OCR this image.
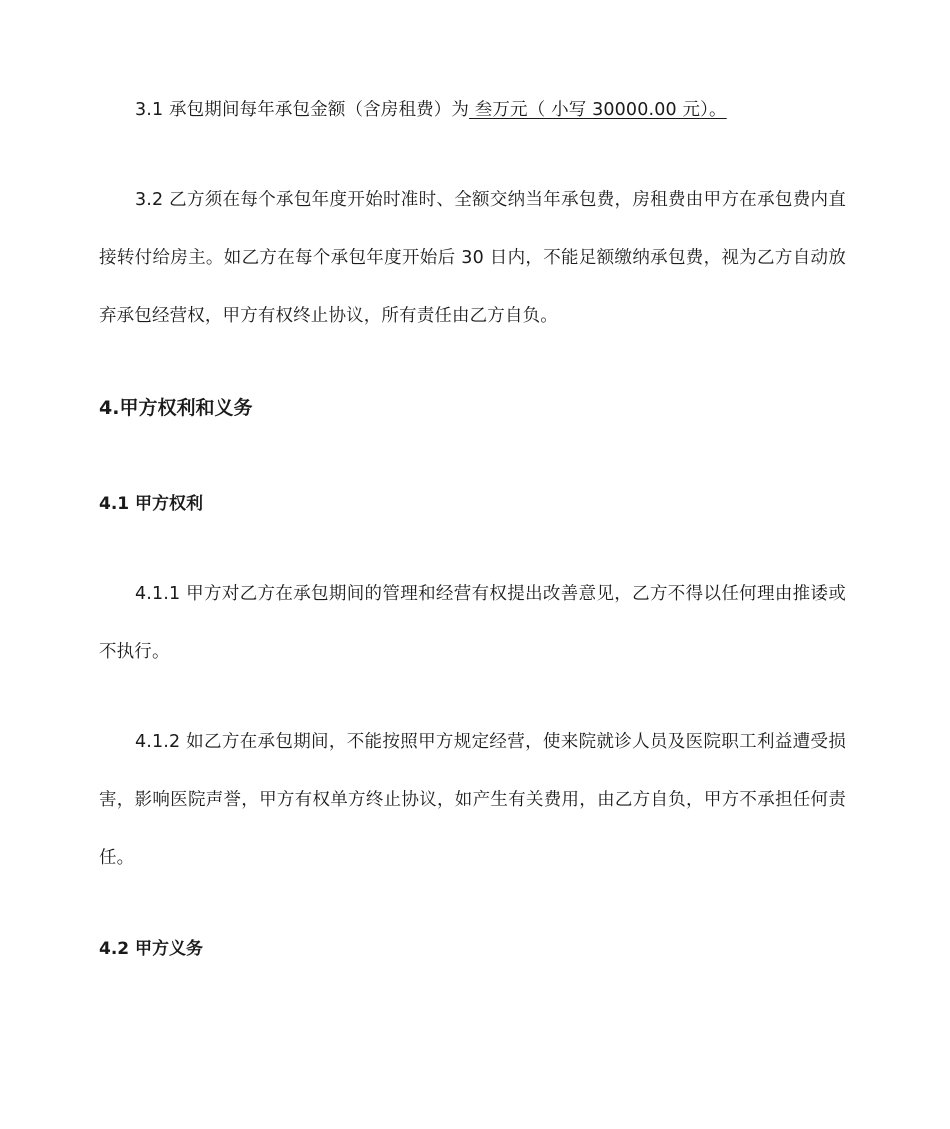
3.1 承包期间每年承包金额（含房租费）为 叁万元（ 小写 30000.00 元）。

3.2 乙方须在每个承包年度开始时准时、全额交纳当年承包费，房租费由甲方在承包费内直接转付给房主。如乙方在每个承包年度开始后 30 日内，不能足额缴纳承包费，视为乙方自动放弃承包经营权，甲方有权终止协议，所有责任由乙方自负。

4.甲方权利和义务
4.1 甲方权利

4.1.1 甲方对乙方在承包期间的管理和经营有权提出改善意见，乙方不得以任何理由推诿或不执行。

4.1.2 如乙方在承包期间，不能按照甲方规定经营，使来院就诊人员及医院职工利益遭受损害，影响医院声誉，甲方有权单方终止协议，如产生有关费用，由乙方自负，甲方不承担任何责任。

4.2 甲方义务
